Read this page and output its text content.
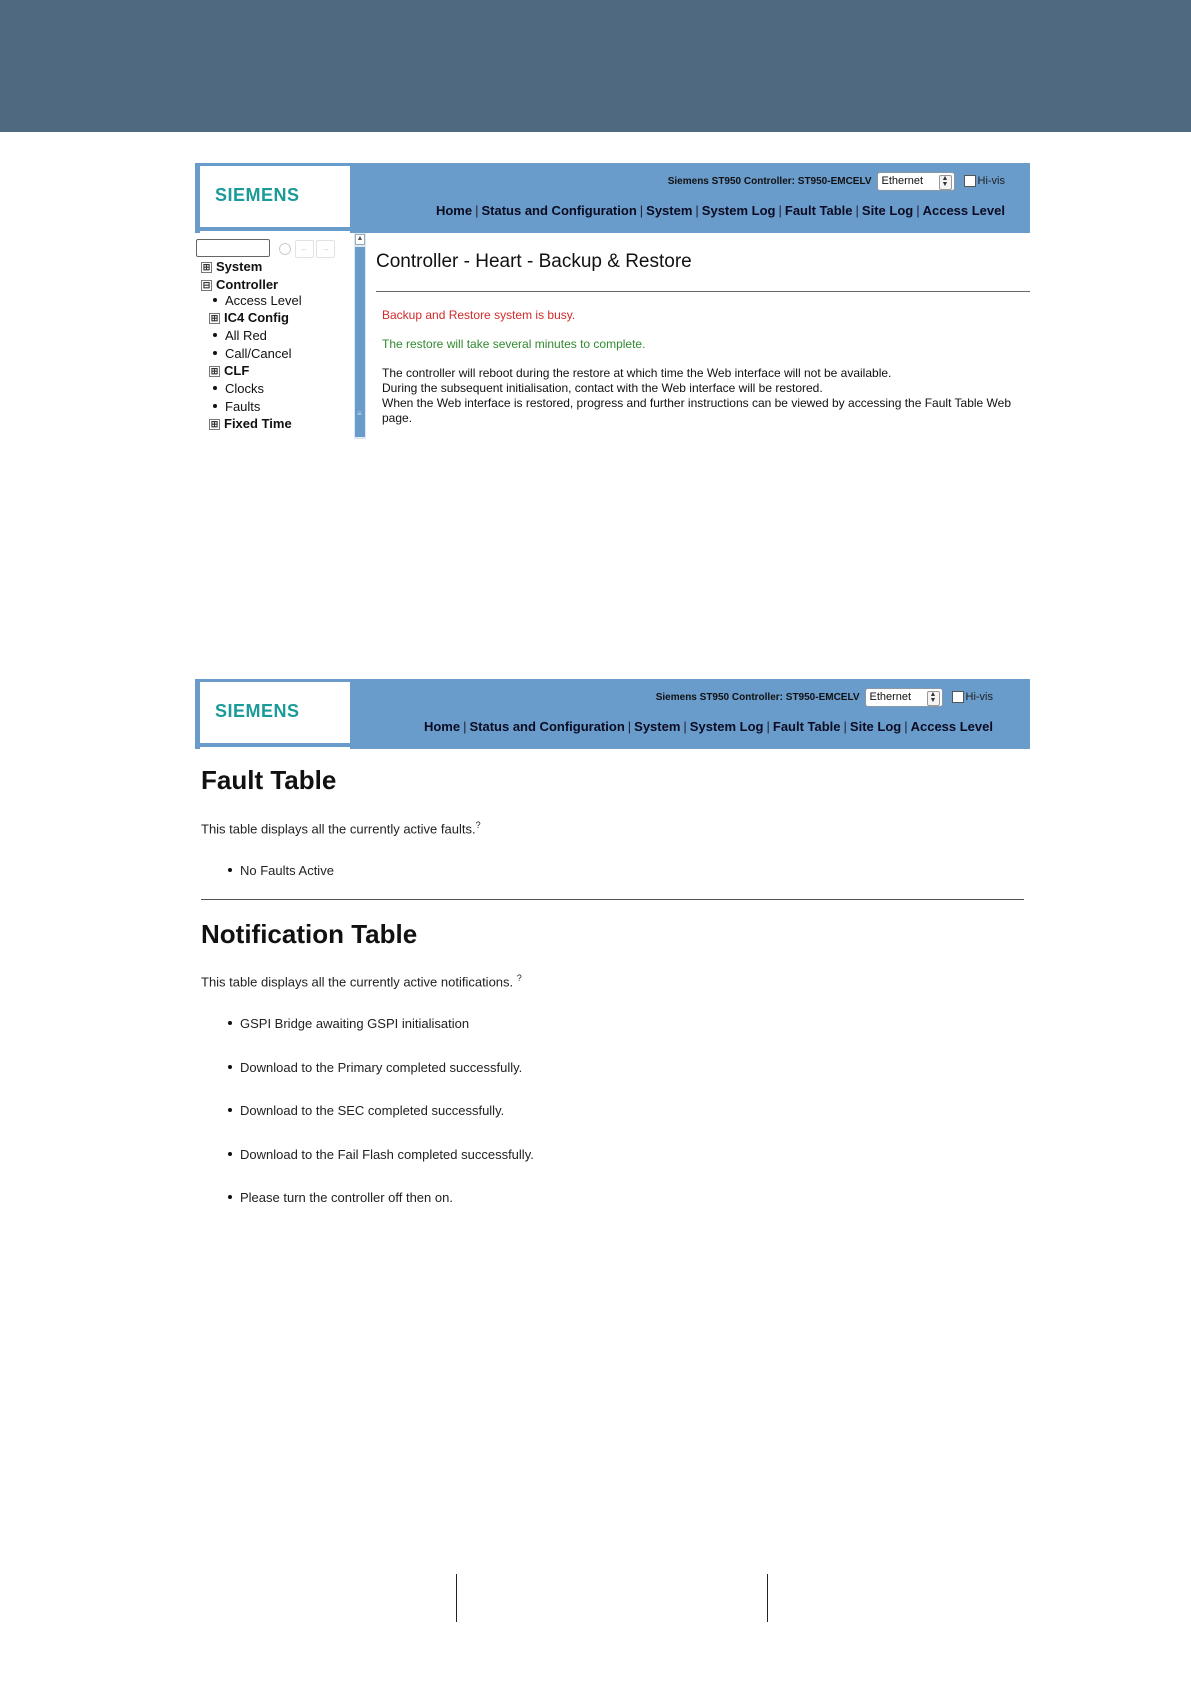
SIEMENS
Siemens ST950 Controller: ST950-EMCELV Ethernet	▲
▼	Hi-vis
Home | Status and Configuration | System | System Log | Fault Table | Site Log | Access Level
←	→
⊞ System
⊟ Controller
Access Level
⊞ IC4 Config
All Red
Call/Cancel
⊞ CLF
Clocks
Faults
⊞ Fixed Time
▲
≡
Controller - Heart - Backup & Restore
Backup and Restore system is busy.
The restore will take several minutes to complete.
The controller will reboot during the restore at which time the Web interface will not be available.
During the subsequent initialisation, contact with the Web interface will be restored.
When the Web interface is restored, progress and further instructions can be viewed by accessing the Fault Table Web page.
SIEMENS
Siemens ST950 Controller: ST950-EMCELV Ethernet	▲
▼	Hi-vis
Home | Status and Configuration | System | System Log | Fault Table | Site Log | Access Level
Fault Table
This table displays all the currently active faults.?
No Faults Active
Notification Table
This table displays all the currently active notifications. ?
GSPI Bridge awaiting GSPI initialisation
Download to the Primary completed successfully.
Download to the SEC completed successfully.
Download to the Fail Flash completed successfully.
Please turn the controller off then on.
